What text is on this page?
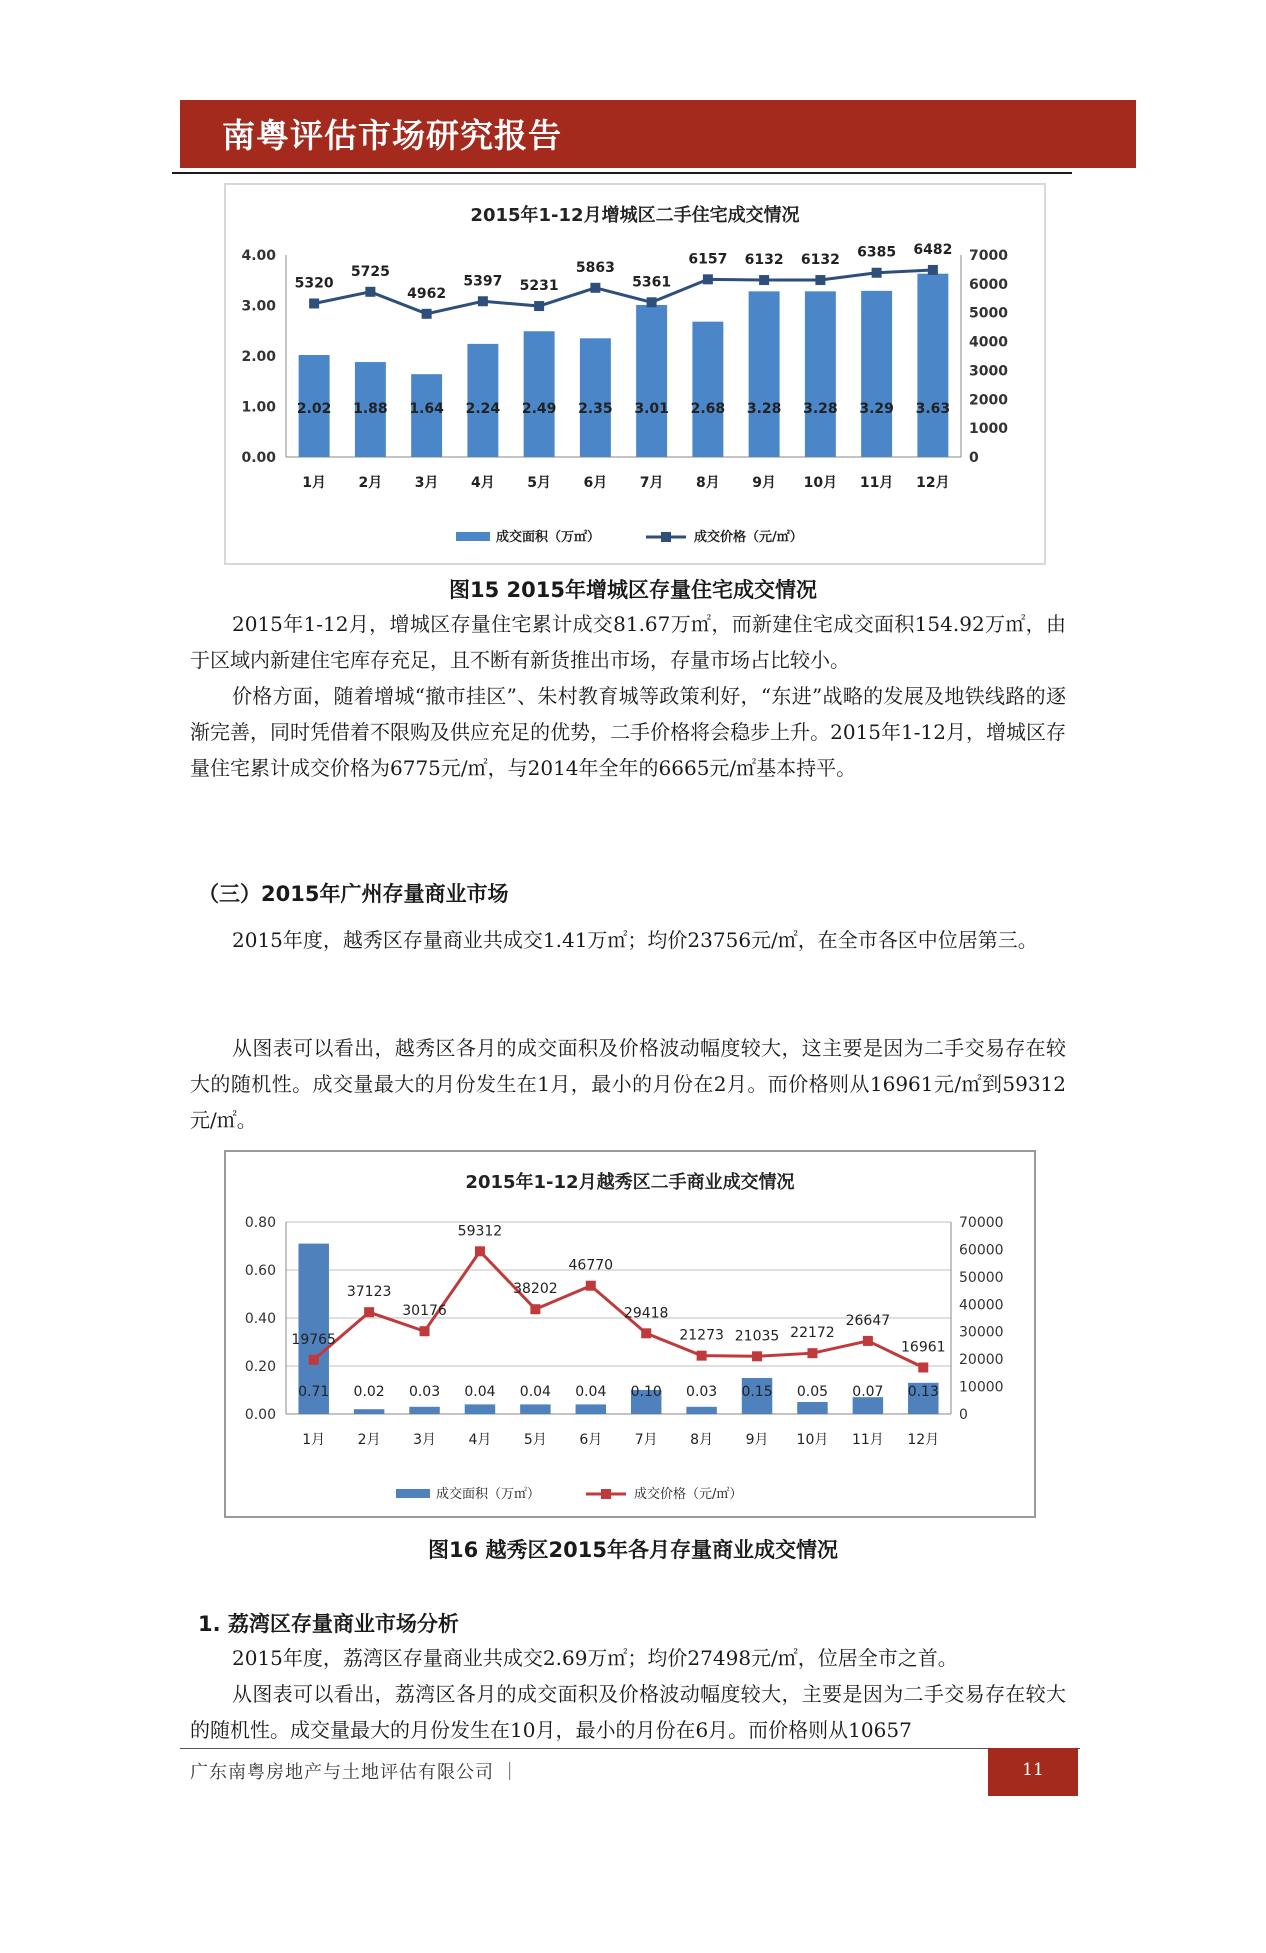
南粤评估市场研究报告
2015年1-12月增城区二手住宅成交情况
0.00
1.00
2.00
3.00
4.00
0
1000
2000
3000
4000
5000
6000
7000
2.02
1月
1.88
2月
1.64
3月
2.24
4月
2.49
5月
2.35
6月
3.01
7月
2.68
8月
3.28
9月
3.28
10月
3.29
11月
3.63
12月
5320
5725
4962
5397 5231
5863
5361
6157 6132 6132 6385 6482
成交面积（万㎡）	成交价格（元/㎡）
图15 2015年增城区存量住宅成交情况

2015年1-12月，增城区存量住宅累计成交81.67万㎡，而新建住宅成交面积154.92万㎡，由于区域内新建住宅库存充足，且不断有新货推出市场，存量市场占比较小。

价格方面，随着增城“撤市挂区”、朱村教育城等政策利好，“东进”战略的发展及地铁线路的逐渐完善，同时凭借着不限购及供应充足的优势，二手价格将会稳步上升。2015年1-12月，增城区存量住宅累计成交价格为6775元/㎡，与2014年全年的6665元/㎡基本持平。

（三）2015年广州存量商业市场

2015年度，越秀区存量商业共成交1.41万㎡；均价23756元/㎡，在全市各区中位居第三。

从图表可以看出，越秀区各月的成交面积及价格波动幅度较大，这主要是因为二手交易存在较大的随机性。成交量最大的月份发生在1月，最小的月份在2月。而价格则从16961元/㎡到59312元/㎡。

2015年1-12月越秀区二手商业成交情况
0.00
0.20
0.40
0.60
0.80
0
10000
20000
30000
40000
50000
60000
70000
0.71
1月
0.02
2月
0.03
3月
0.04
4月
0.04
5月
0.04
6月
0.10
7月
0.03
8月
0.15
9月
0.05
10月
0.07
11月
0.13
12月
19765
37123
30176
59312
38202
46770
29418
21273 21035 22172
26647
16961
成交面积（万㎡）	成交价格（元/㎡）
图16 越秀区2015年各月存量商业成交情况
1. 荔湾区存量商业市场分析

2015年度，荔湾区存量商业共成交2.69万㎡；均价27498元/㎡，位居全市之首。

从图表可以看出，荔湾区各月的成交面积及价格波动幅度较大，主要是因为二手交易存在较大的随机性。成交量最大的月份发生在10月，最小的月份在6月。而价格则从10657

广东南粤房地产与土地评估有限公司 ｜	11
